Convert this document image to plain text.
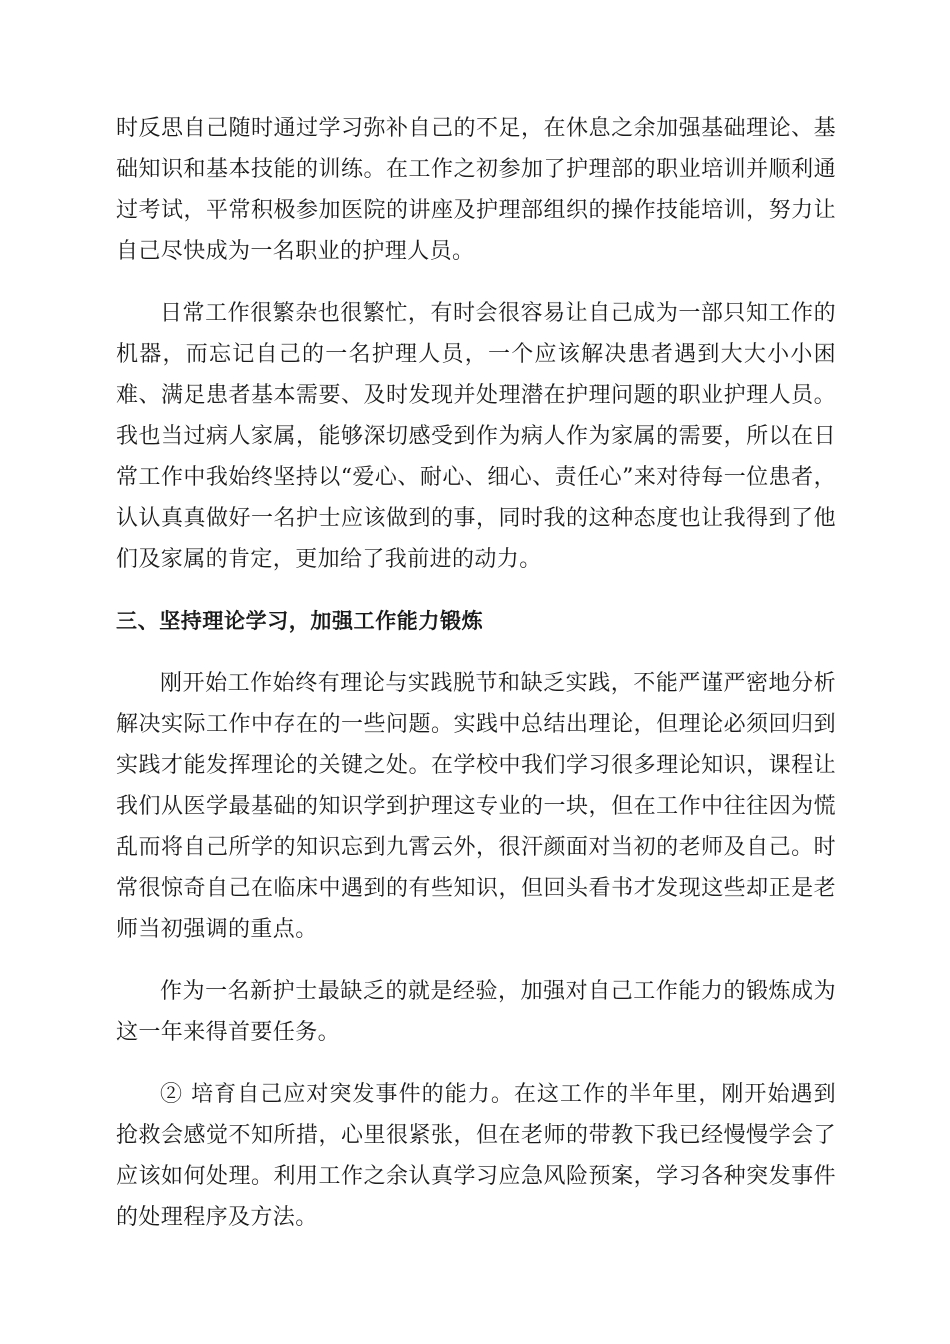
时反思自己随时通过学习弥补自己的不足，在休息之余加强基础理论、基础知识和基本技能的训练。在工作之初参加了护理部的职业培训并顺利通过考试，平常积极参加医院的讲座及护理部组织的操作技能培训，努力让自己尽快成为一名职业的护理人员。

日常工作很繁杂也很繁忙，有时会很容易让自己成为一部只知工作的机器，而忘记自己的一名护理人员，一个应该解决患者遇到大大小小困难、满足患者基本需要、及时发现并处理潜在护理问题的职业护理人员。我也当过病人家属，能够深切感受到作为病人作为家属的需要，所以在日常工作中我始终坚持以“爱心、耐心、细心、责任心”来对待每一位患者，认认真真做好一名护士应该做到的事，同时我的这种态度也让我得到了他们及家属的肯定，更加给了我前进的动力。

三、坚持理论学习，加强工作能力锻炼

刚开始工作始终有理论与实践脱节和缺乏实践，不能严谨严密地分析解决实际工作中存在的一些问题。实践中总结出理论，但理论必须回归到实践才能发挥理论的关键之处。在学校中我们学习很多理论知识，课程让我们从医学最基础的知识学到护理这专业的一块，但在工作中往往因为慌乱而将自己所学的知识忘到九霄云外，很汗颜面对当初的老师及自己。时常很惊奇自己在临床中遇到的有些知识，但回头看书才发现这些却正是老师当初强调的重点。

作为一名新护士最缺乏的就是经验，加强对自己工作能力的锻炼成为这一年来得首要任务。

② 培育自己应对突发事件的能力。在这工作的半年里，刚开始遇到抢救会感觉不知所措，心里很紧张，但在老师的带教下我已经慢慢学会了应该如何处理。利用工作之余认真学习应急风险预案，学习各种突发事件的处理程序及方法。
